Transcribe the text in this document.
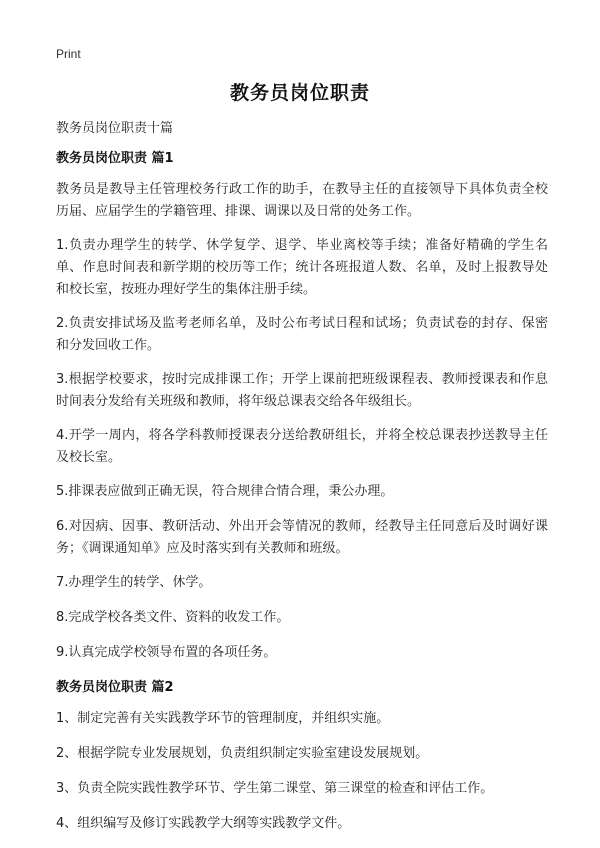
Print
教务员岗位职责

教务员岗位职责十篇

教务员岗位职责 篇1

教务员是教导主任管理校务行政工作的助手，在教导主任的直接领导下具体负责全校历届、应届学生的学籍管理、排课、调课以及日常的处务工作。

1.负责办理学生的转学、休学复学、退学、毕业离校等手续；准备好精确的学生名单、作息时间表和新学期的校历等工作；统计各班报道人数、名单，及时上报教导处和校长室，按班办理好学生的集体注册手续。

2.负责安排试场及监考老师名单，及时公布考试日程和试场；负责试卷的封存、保密和分发回收工作。

3.根据学校要求，按时完成排课工作；开学上课前把班级课程表、教师授课表和作息时间表分发给有关班级和教师，将年级总课表交给各年级组长。

4.开学一周内，将各学科教师授课表分送给教研组长，并将全校总课表抄送教导主任及校长室。

5.排课表应做到正确无误，符合规律合情合理，秉公办理。

6.对因病、因事、教研活动、外出开会等情况的教师，经教导主任同意后及时调好课务；《调课通知单》应及时落实到有关教师和班级。

7.办理学生的转学、休学。

8.完成学校各类文件、资料的收发工作。

9.认真完成学校领导布置的各项任务。

教务员岗位职责 篇2

1、制定完善有关实践教学环节的管理制度，并组织实施。

2、根据学院专业发展规划，负责组织制定实验室建设发展规划。

3、负责全院实践性教学环节、学生第二课堂、第三课堂的检查和评估工作。

4、组织编写及修订实践教学大纲等实践教学文件。
